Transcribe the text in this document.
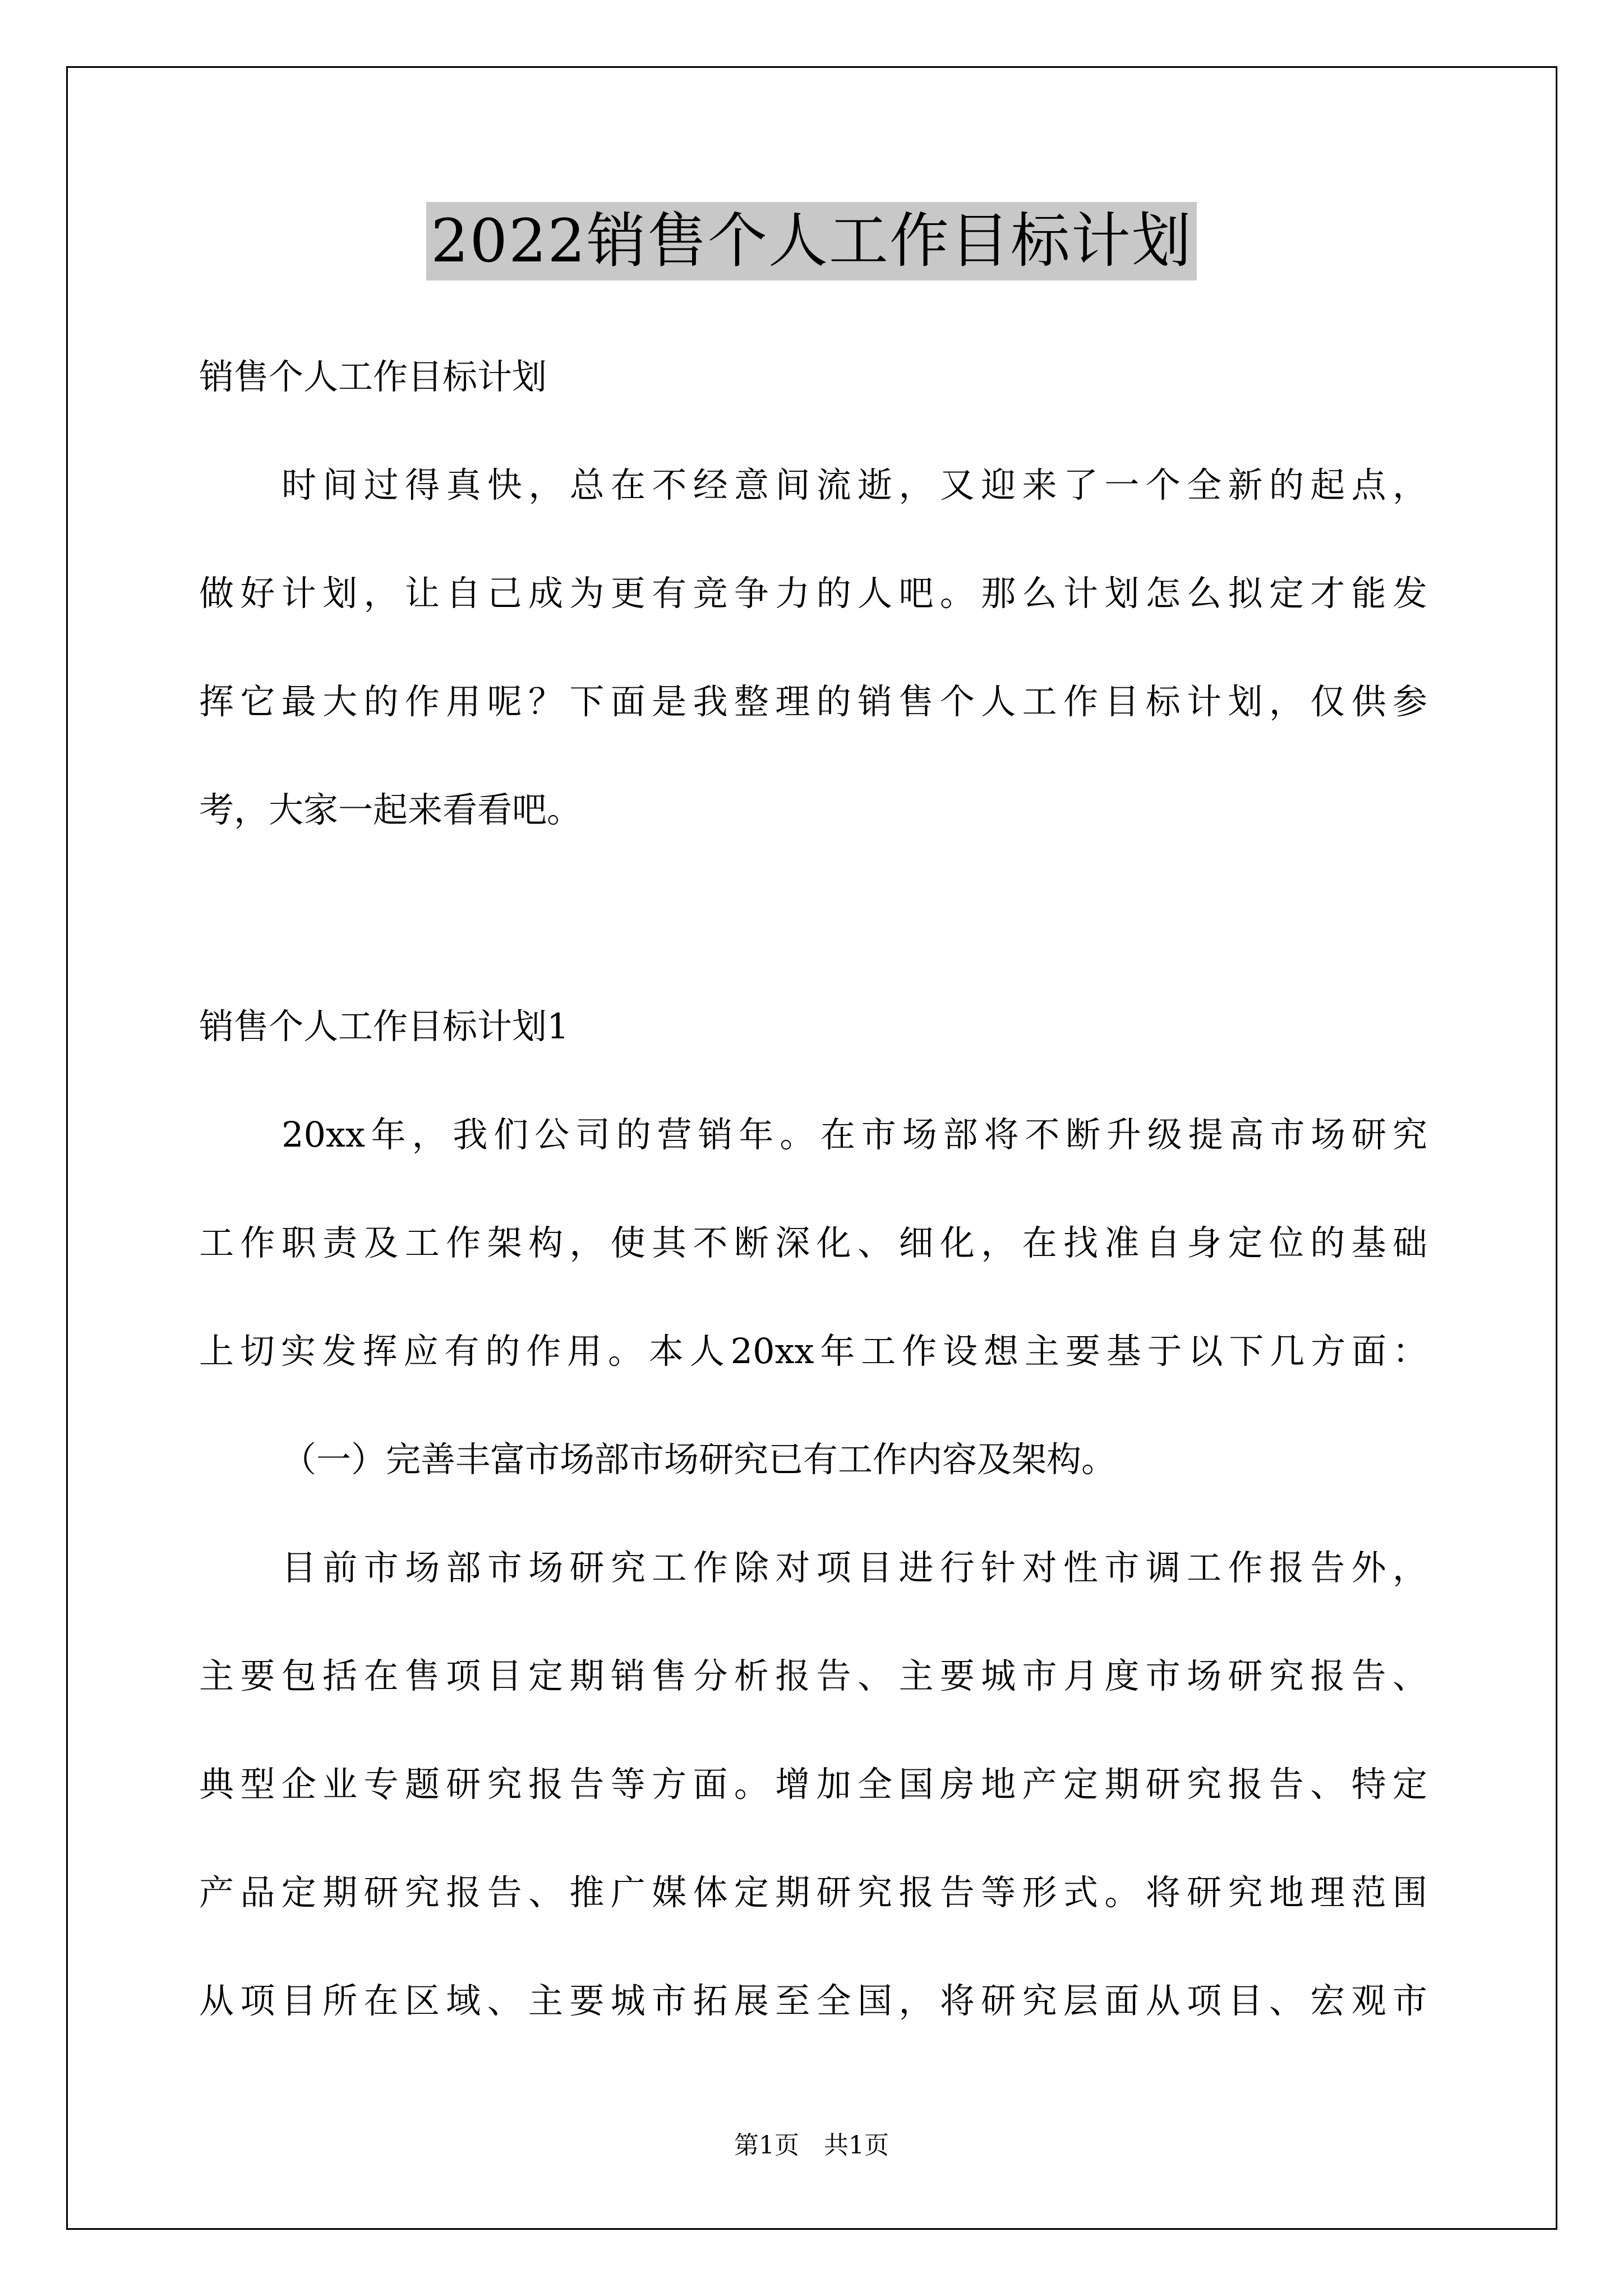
2022销售个人工作目标计划
销售个人工作目标计划
时间过得真快，总在不经意间流逝，又迎来了一个全新的起点，
做好计划，让自己成为更有竞争力的人吧。那么计划怎么拟定才能发
挥它最大的作用呢？下面是我整理的销售个人工作目标计划，仅供参
考，大家一起来看看吧。
销售个人工作目标计划1
20xx年，我们公司的营销年。在市场部将不断升级提高市场研究
工作职责及工作架构，使其不断深化、细化，在找准自身定位的基础
上切实发挥应有的作用。本人20xx年工作设想主要基于以下几方面：
（一）完善丰富市场部市场研究已有工作内容及架构。
目前市场部市场研究工作除对项目进行针对性市调工作报告外，
主要包括在售项目定期销售分析报告、主要城市月度市场研究报告、
典型企业专题研究报告等方面。增加全国房地产定期研究报告、特定
产品定期研究报告、推广媒体定期研究报告等形式。将研究地理范围
从项目所在区域、主要城市拓展至全国，将研究层面从项目、宏观市
第1页　共1页
